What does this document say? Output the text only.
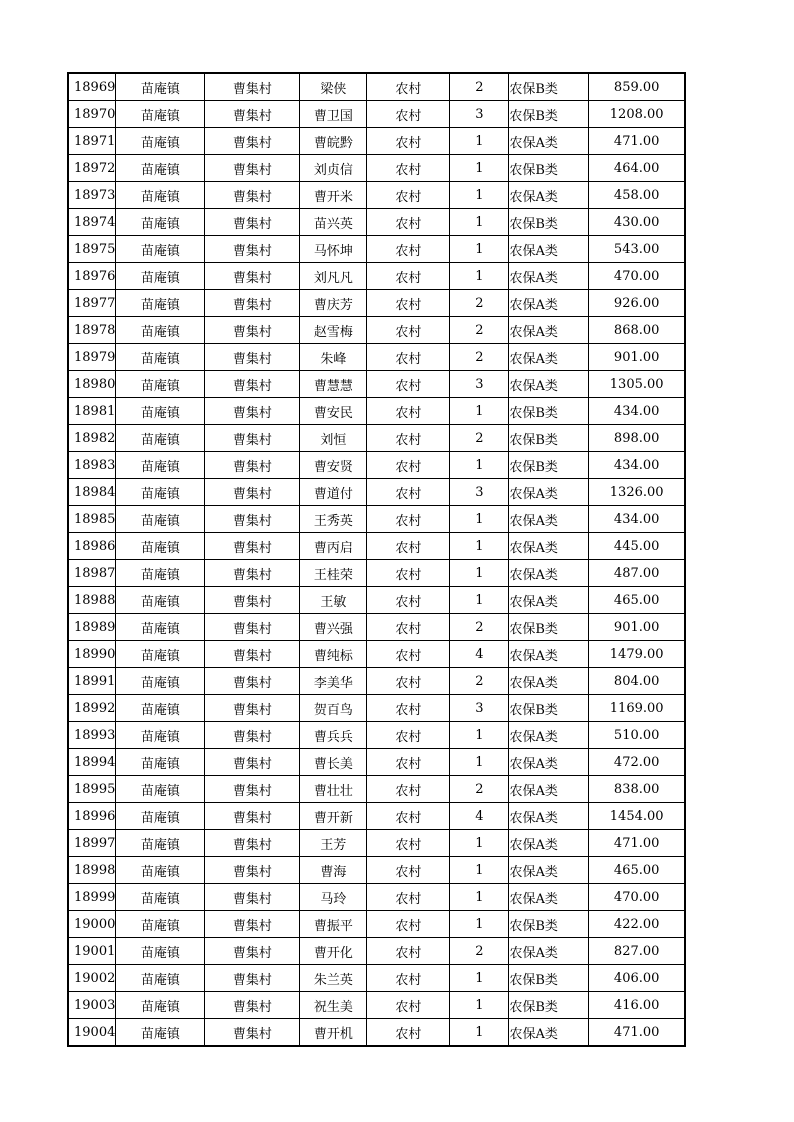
18969	苗庵镇	曹集村	梁侠	农村	2	农保B类	859.00
18970	苗庵镇	曹集村	曹卫国	农村	3	农保B类	1208.00
18971	苗庵镇	曹集村	曹皖黔	农村	1	农保A类	471.00
18972	苗庵镇	曹集村	刘贞信	农村	1	农保B类	464.00
18973	苗庵镇	曹集村	曹开米	农村	1	农保A类	458.00
18974	苗庵镇	曹集村	苗兴英	农村	1	农保B类	430.00
18975	苗庵镇	曹集村	马怀坤	农村	1	农保A类	543.00
18976	苗庵镇	曹集村	刘凡凡	农村	1	农保A类	470.00
18977	苗庵镇	曹集村	曹庆芳	农村	2	农保A类	926.00
18978	苗庵镇	曹集村	赵雪梅	农村	2	农保A类	868.00
18979	苗庵镇	曹集村	朱峰	农村	2	农保A类	901.00
18980	苗庵镇	曹集村	曹慧慧	农村	3	农保A类	1305.00
18981	苗庵镇	曹集村	曹安民	农村	1	农保B类	434.00
18982	苗庵镇	曹集村	刘恒	农村	2	农保B类	898.00
18983	苗庵镇	曹集村	曹安贤	农村	1	农保B类	434.00
18984	苗庵镇	曹集村	曹道付	农村	3	农保A类	1326.00
18985	苗庵镇	曹集村	王秀英	农村	1	农保A类	434.00
18986	苗庵镇	曹集村	曹丙启	农村	1	农保A类	445.00
18987	苗庵镇	曹集村	王桂荣	农村	1	农保A类	487.00
18988	苗庵镇	曹集村	王敏	农村	1	农保A类	465.00
18989	苗庵镇	曹集村	曹兴强	农村	2	农保B类	901.00
18990	苗庵镇	曹集村	曹纯标	农村	4	农保A类	1479.00
18991	苗庵镇	曹集村	李美华	农村	2	农保A类	804.00
18992	苗庵镇	曹集村	贺百鸟	农村	3	农保B类	1169.00
18993	苗庵镇	曹集村	曹兵兵	农村	1	农保A类	510.00
18994	苗庵镇	曹集村	曹长美	农村	1	农保A类	472.00
18995	苗庵镇	曹集村	曹壮壮	农村	2	农保A类	838.00
18996	苗庵镇	曹集村	曹开新	农村	4	农保A类	1454.00
18997	苗庵镇	曹集村	王芳	农村	1	农保A类	471.00
18998	苗庵镇	曹集村	曹海	农村	1	农保A类	465.00
18999	苗庵镇	曹集村	马玲	农村	1	农保A类	470.00
19000	苗庵镇	曹集村	曹振平	农村	1	农保B类	422.00
19001	苗庵镇	曹集村	曹开化	农村	2	农保A类	827.00
19002	苗庵镇	曹集村	朱兰英	农村	1	农保B类	406.00
19003	苗庵镇	曹集村	祝生美	农村	1	农保B类	416.00
19004	苗庵镇	曹集村	曹开机	农村	1	农保A类	471.00
